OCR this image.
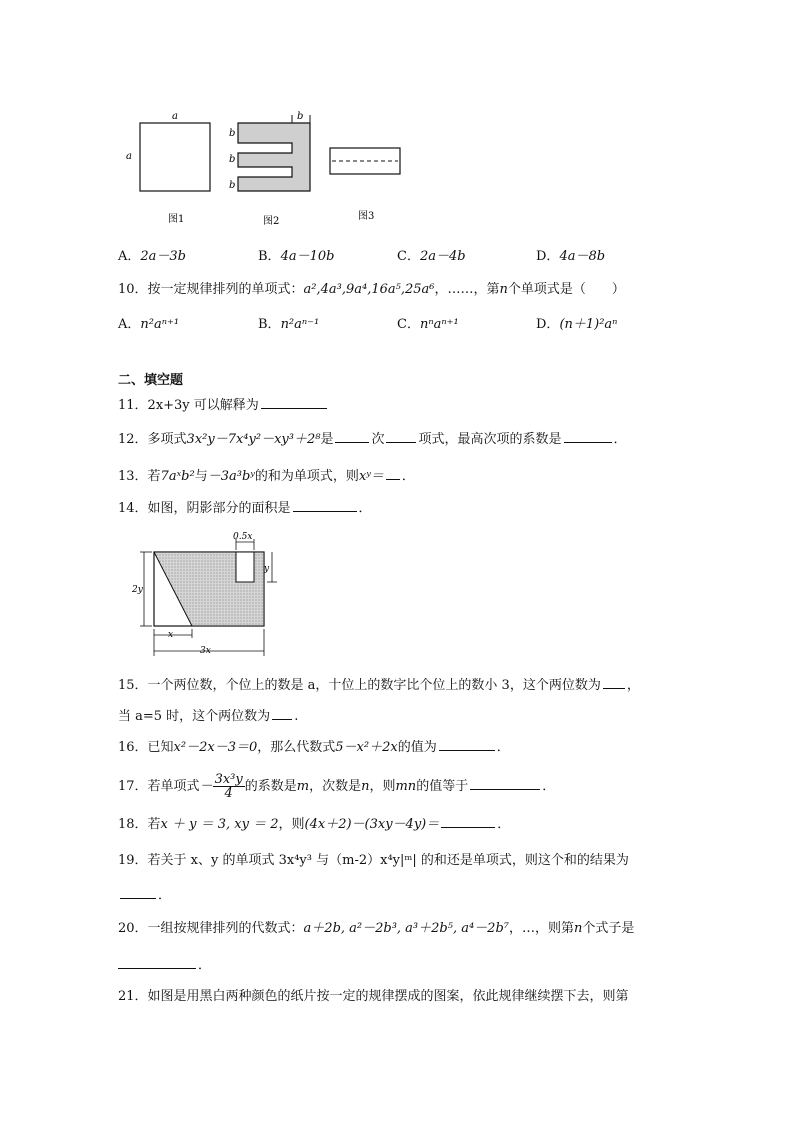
a
a
b
b
b
b
图1	图2	图3
A．2a－3b	B．4a－10b	C．2a－4b	D．4a－8b
10．按一定规律排列的单项式：a²,4a³,9a⁴,16a⁵,25a⁶，……，第n个单项式是（　　）
A．n²aⁿ⁺¹	B．n²aⁿ⁻¹	C．nⁿaⁿ⁺¹	D．(n＋1)²aⁿ
二、填空题
11．2x+3y 可以解释为
12．多项式3x²y－7x⁴y²－xy³＋2⁸是	次	项式，最高次项的系数是	．
13．若7aˣb²与－3a³bʸ的和为单项式，则xʸ＝ ．
14．如图，阴影部分的面积是	．
0.5x
y
2y
x
3x
15．一个两位数，个位上的数是 a，十位上的数字比个位上的数小 3，这个两位数为 ，
当 a=5 时，这个两位数为 .
16．已知x²－2x－3＝0，那么代数式5－x²＋2x的值为	．
17．若单项式－ $\frac{\text{3x³y}}{4}$ 的系数是m，次数是n，则mn的值等于	．
18．若x ＋ y ＝ 3, xy ＝ 2，则(4x＋2)－(3xy－4y)＝	．
19．若关于 x、y 的单项式 3x⁴y³ 与（m-2）x⁴y|ᵐ| 的和还是单项式，则这个和的结果为
．
20．一组按规律排列的代数式：a＋2b, a²－2b³, a³＋2b⁵, a⁴－2b⁷，…，则第n个式子是
．
21．如图是用黑白两种颜色的纸片按一定的规律摆成的图案，依此规律继续摆下去，则第
